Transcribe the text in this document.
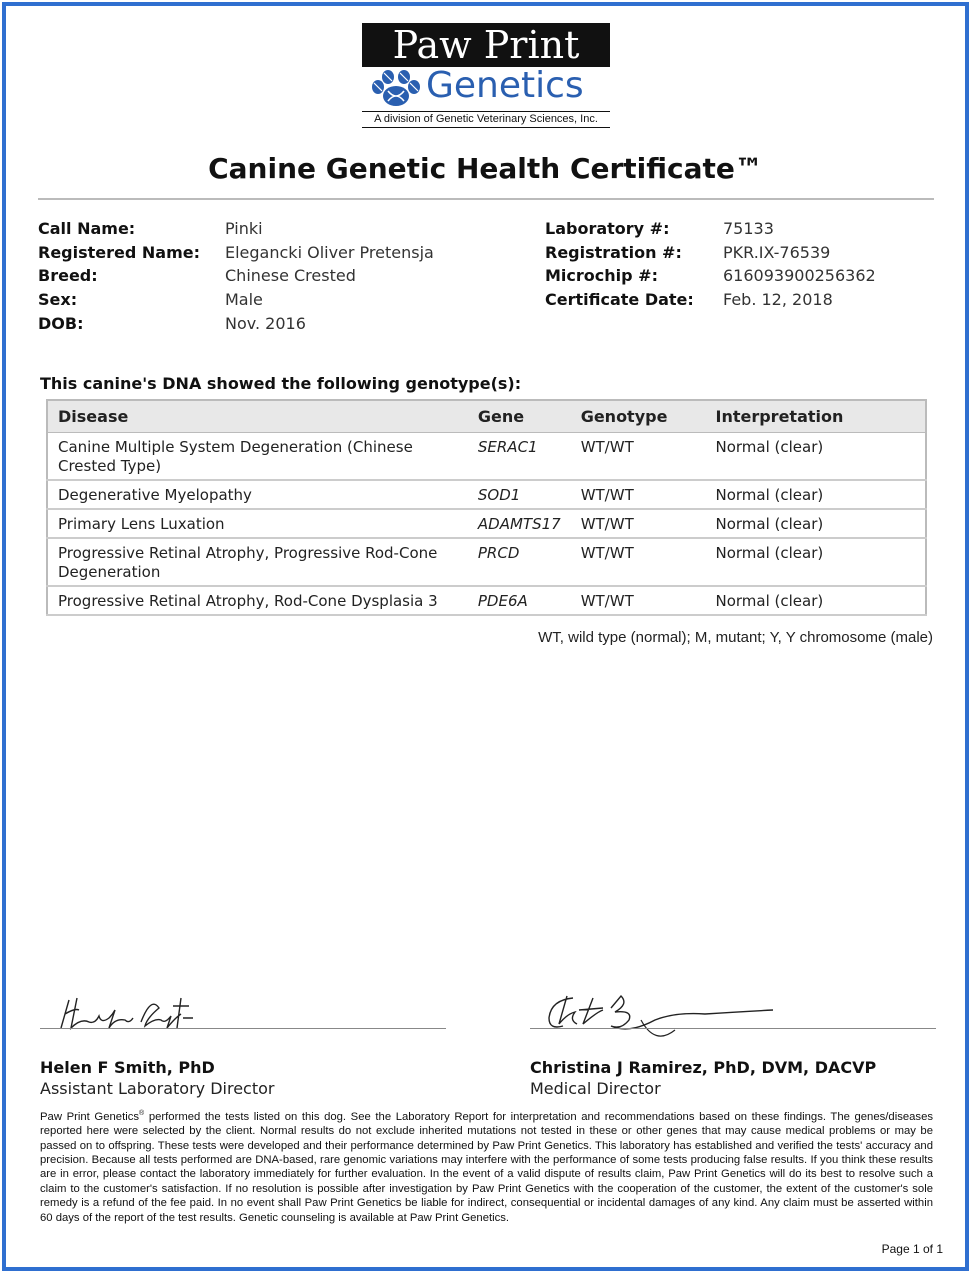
Paw Print
Genetics
A division of Genetic Veterinary Sciences, Inc.
Canine Genetic Health Certificate™
Call Name:	Pinki
Registered Name: Elegancki Oliver Pretensja
Breed:	Chinese Crested
Sex:	Male
DOB:	Nov. 2016
Laboratory #:	75133
Registration #:	PKR.IX-76539
Microchip #:	616093900256362
Certificate Date: Feb. 12, 2018
This canine's DNA showed the following genotype(s):
Disease	Gene	Genotype	Interpretation
Canine Multiple System Degeneration (Chinese Crested Type)	SERAC1	WT/WT	Normal (clear)
Degenerative Myelopathy	SOD1	WT/WT	Normal (clear)
Primary Lens Luxation	ADAMTS17	WT/WT	Normal (clear)
Progressive Retinal Atrophy, Progressive Rod-Cone Degeneration	PRCD	WT/WT	Normal (clear)
Progressive Retinal Atrophy, Rod-Cone Dysplasia 3	PDE6A	WT/WT	Normal (clear)
WT, wild type (normal); M, mutant; Y, Y chromosome (male)
Helen F Smith, PhD
Assistant Laboratory Director
Christina J Ramirez, PhD, DVM, DACVP
Medical Director
Paw Print Genetics® performed the tests listed on this dog. See the Laboratory Report for interpretation and recommendations based on these findings. The genes/diseases reported here were selected by the client. Normal results do not exclude inherited mutations not tested in these or other genes that may cause medical problems or may be passed on to offspring. These tests were developed and their performance determined by Paw Print Genetics. This laboratory has established and verified the tests' accuracy and precision. Because all tests performed are DNA-based, rare genomic variations may interfere with the performance of some tests producing false results. If you think these results are in error, please contact the laboratory immediately for further evaluation. In the event of a valid dispute of results claim, Paw Print Genetics will do its best to resolve such a claim to the customer's satisfaction. If no resolution is possible after investigation by Paw Print Genetics with the cooperation of the customer, the extent of the customer's sole remedy is a refund of the fee paid. In no event shall Paw Print Genetics be liable for indirect, consequential or incidental damages of any kind. Any claim must be asserted within 60 days of the report of the test results. Genetic counseling is available at Paw Print Genetics.
Page 1 of 1
